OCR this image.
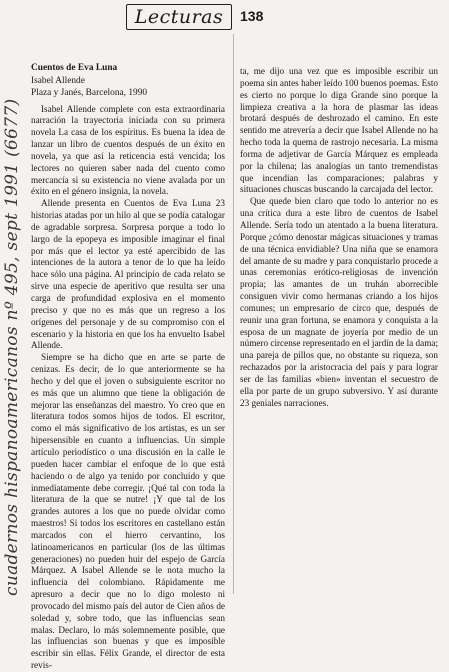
Lecturas	138
cuadernos hispanoamericanos nº 495, sept 1991 (6677)
Cuentos de Eva Luna
Isabel Allende
Plaza y Janés, Barcelona, 1990

Isabel Allende complete con esta extraordinaria narración la trayectoria iniciada con su primera novela La casa de los espíritus. Es buena la idea de lanzar un libro de cuentos después de un éxito en novela, ya que así la reticencia está vencida; los lectores no quieren saber nada del cuento como mercancía si su existencia no viene avalada por un éxito en el género insignia, la novela.

Allende presenta en Cuentos de Eva Luna 23 historias atadas por un hilo al que se podía catalogar de agradable sorpresa. Sorpresa porque a todo lo largo de la epopeya es imposible imaginar el final por más que el lector ya esté apercibido de las intenciones de la autora a tenor de lo que ha leído hace sólo una página. Al principio de cada relato se sirve una especie de aperitivo que resulta ser una carga de profundidad explosiva en el momento preciso y que no es más que un regreso a los orígenes del personaje y de su compromiso con el escenario y la historia en que los ha envuelto Isabel Allende.

Siempre se ha dicho que en arte se parte de cenizas. Es decir, de lo que anteriormente se ha hecho y del que el joven o subsiguiente escritor no es más que un alumno que tiene la obligación de mejorar las enseñanzas del maestro. Yo creo que en literatura todos somos hijos de todos. El escritor, como el más significativo de los artistas, es un ser hipersensible en cuanto a influencias. Un simple artículo periodístico o una discusión en la calle le pueden hacer cambiar el enfoque de lo que está haciendo o de algo ya tenido por concluido y que inmediatamente debe corregir. ¡Qué tal con toda la literatura de la que se nutre! ¡Y que tal de los grandes autores a los que no puede olvidar como maestros! Si todos los escritores en castellano están marcados con el hierro cervantino, los latinoamericanos en particular (los de las últimas generaciones) no pueden huir del espejo de García Márquez. A Isabel Allende se le nota mucho la influencia del colombiano. Rápidamente me apresuro a decir que no lo digo molesto ni provocado del mismo país del autor de Cien años de soledad y, sobre todo, que las influencias sean malas. Declaro, lo más solemnemente posible, que las influencias son buenas y que es imposible escribir sin ellas. Félix Grande, el director de esta revis-

ta, me dijo una vez que es imposible escribir un poema sin antes haber leído 100 buenos poemas. Esto es cierto no porque lo diga Grande sino porque la limpieza creativa a la hora de plasmar las ideas brotará después de deshrozado el camino. En este sentido me atrevería a decir que Isabel Allende no ha hecho toda la quema de rastrojo necesaria. La misma forma de adjetivar de García Márquez es empleada por la chilena; las analogías un tanto tremendistas que incendian las comparaciones; palabras y situaciones chuscas buscando la carcajada del lector.

Que quede bien claro que todo lo anterior no es una crítica dura a este libro de cuentos de Isabel Allende. Sería todo un atentado a la buena literatura. Porque ¿cómo denostar mágicas situaciones y tramas de una técnica envidiable? Una niña que se enamora del amante de su madre y para conquistarlo procede a unas ceremonias erótico-religiosas de invención propia; las amantes de un truhán aborrecible consiguen vivir como hermanas criando a los hijos comunes; un empresario de circo que, después de reunir una gran fortuna, se enamora y conquista a la esposa de un magnate de joyería por medio de un número circense representado en el jardín de la dama; una pareja de pillos que, no obstante su riqueza, son rechazados por la aristocracia del país y para lograr ser de las familias «bien» inventan el secuestro de ella por parte de un grupo subversivo. Y así durante 23 geniales narraciones.
